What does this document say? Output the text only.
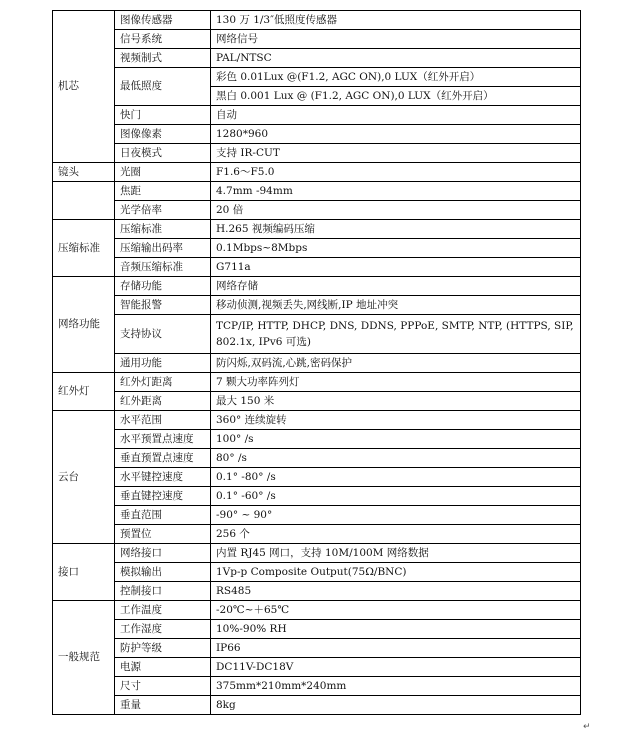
机芯	图像传感器	130 万 1/3″低照度传感器
	信号系统	网络信号
	视频制式	PAL/NTSC
	最低照度	彩色 0.01Lux @(F1.2, AGC ON),0 LUX（红外开启）
		黑白 0.001 Lux @ (F1.2, AGC ON),0 LUX（红外开启）
	快门	自动
	图像像素	1280*960
	日夜模式	支持 IR-CUT
镜头	光圈	F1.6～F5.0
	焦距	4.7mm -94mm
	光学倍率	20 倍
压缩标准	压缩标准	H.265 视频编码压缩
	压缩输出码率	0.1Mbps~8Mbps
	音频压缩标准	G711a
网络功能	存储功能	网络存储
	智能报警	移动侦测,视频丢失,网线断,IP 地址冲突
	支持协议	TCP/IP, HTTP, DHCP, DNS, DDNS, PPPoE, SMTP, NTP, (HTTPS, SIP, 802.1x, IPv6 可选)
	通用功能	防闪烁,双码流,心跳,密码保护
红外灯	红外灯距离	7 颗大功率阵列灯
	红外距离	最大 150 米
云台	水平范围	360° 连续旋转
	水平预置点速度	100° /s
	垂直预置点速度	80° /s
	水平键控速度	0.1° -80° /s
	垂直键控速度	0.1° -60° /s
	垂直范围	-90° ~ 90°
	预置位	256 个
接口	网络接口	内置 RJ45 网口，支持 10M/100M 网络数据
	模拟输出	1Vp-p Composite Output(75Ω/BNC)
	控制接口	RS485
一般规范	工作温度	-20℃~＋65℃
	工作湿度	10%-90% RH
	防护等级	IP66
	电源	DC11V-DC18V
	尺寸	375mm*210mm*240mm
	重量	8kg
↵
